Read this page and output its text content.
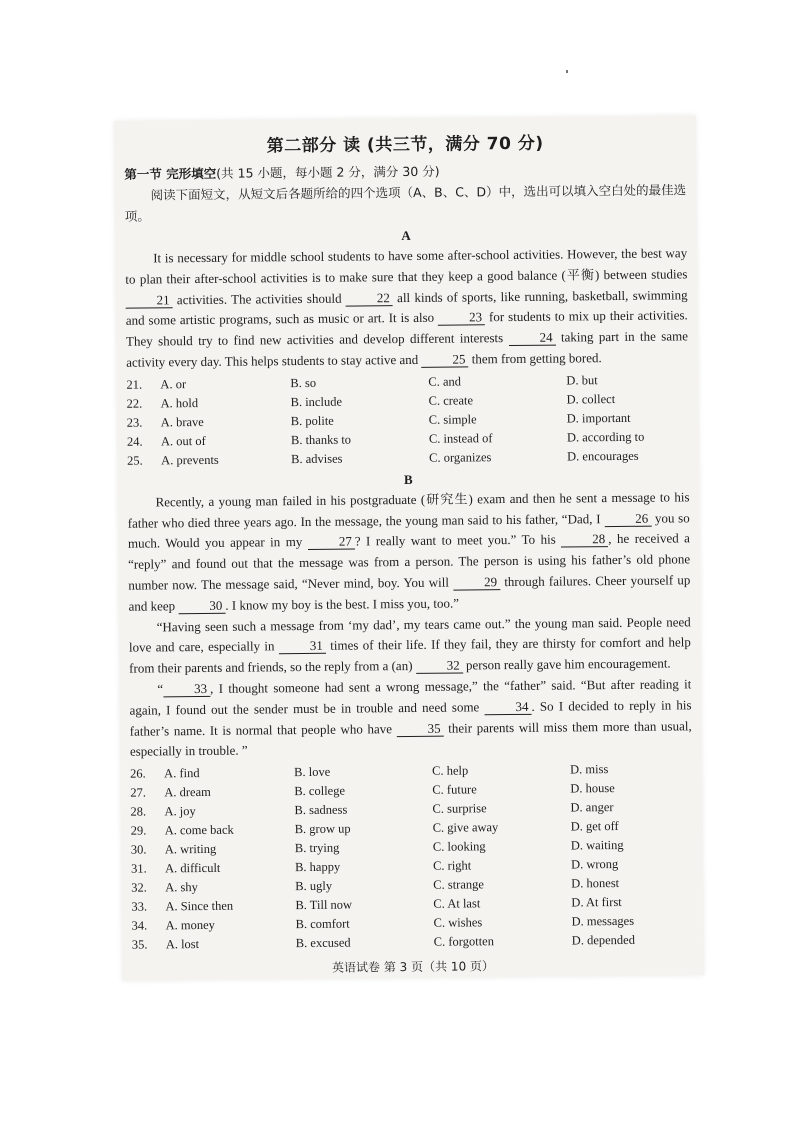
第二部分 读 (共三节，满分 70 分)

第一节 完形填空(共 15 小题，每小题 2 分，满分 30 分)

阅读下面短文，从短文后各题所给的四个选项（A、B、C、D）中，选出可以填入空白处的最佳选项。

A

It is necessary for middle school students to have some after-school activities. However, the best way to plan their after-school activities is to make sure that they keep a good balance (平衡) between studies 21 activities. The activities should 22 all kinds of sports, like running, basketball, swimming and some artistic programs, such as music or art. It is also 23 for students to mix up their activities. They should try to find new activities and develop different interests 24 taking part in the same activity every day. This helps students to stay active and 25 them from getting bored.

21.	A. or	B. so	C. and	D. but
22.	A. hold	B. include	C. create	D. collect
23.	A. brave	B. polite	C. simple	D. important
24.	A. out of	B. thanks to	C. instead of	D. according to
25.	A. prevents	B. advises	C. organizes	D. encourages
B

Recently, a young man failed in his postgraduate (研究生) exam and then he sent a message to his father who died three years ago. In the message, the young man said to his father, “Dad, I 26 you so much. Would you appear in my 27 ? I really want to meet you.” To his 28 , he received a “reply” and found out that the message was from a person. The person is using his father’s old phone number now. The message said, “Never mind, boy. You will 29 through failures. Cheer yourself up and keep 30 . I know my boy is the best. I miss you, too.”

“Having seen such a message from ‘my dad’, my tears came out.” the young man said. People need love and care, especially in 31 times of their life. If they fail, they are thirsty for comfort and help from their parents and friends, so the reply from a (an) 32 person really gave him encouragement.

“ 33 , I thought someone had sent a wrong message,” the “father” said. “But after reading it again, I found out the sender must be in trouble and need some 34 . So I decided to reply in his father’s name. It is normal that people who have 35 their parents will miss them more than usual, especially in trouble. ”

26.	A. find	B. love	C. help	D. miss
27.	A. dream	B. college	C. future	D. house
28.	A. joy	B. sadness	C. surprise	D. anger
29.	A. come back	B. grow up	C. give away	D. get off
30.	A. writing	B. trying	C. looking	D. waiting
31.	A. difficult	B. happy	C. right	D. wrong
32.	A. shy	B. ugly	C. strange	D. honest
33.	A. Since then	B. Till now	C. At last	D. At first
34.	A. money	B. comfort	C. wishes	D. messages
35.	A. lost	B. excused	C. forgotten	D. depended
英语试卷 第 3 页（共 10 页）
